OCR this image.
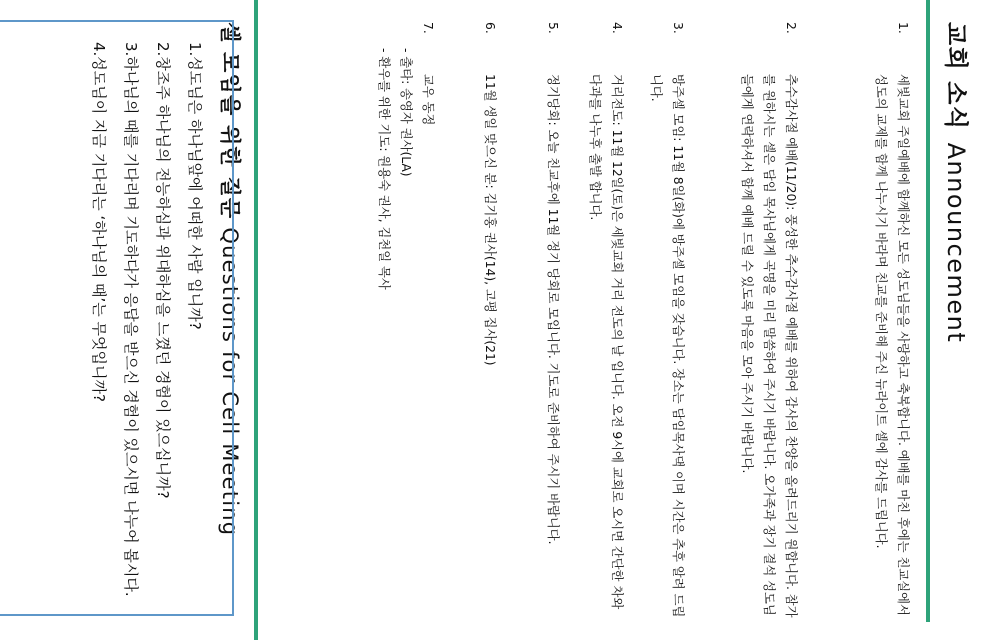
교회 소식Announcement
1.
세빛교회 주일예배에 함께하신 모든 성도님들을 사랑하고 축복합니다. 예배를 마친 후에는 친교실에서 성도의 교제를 함께 나누시기 바라며 친교를 준비해 주신 뉴라이트 셀에 감사를 드립니다.
2.
추수감사절 예배(11/20): 풍성한 추수감사절 예배를 위하여 감사의 찬양을 올려드리기 원합니다. 참가를 원하시는 셀은 담임 목사님에게 곡명을 미리 말씀하여 주시기 바랍니다. 오가족과 장기 결석 성도님들에게 연락하셔서 함께 예배 드릴 수 있도록 마음을 모아 주시기 바랍니다.
3.
방주셀 모임: 11월 8일(화)에 방주셀 모임을 갖습니다. 장소는 담임목사댁 이며 시간은 추후 알려 드립니다.
4.
거리전도: 11월 12일(토)은 세빛교회 거리 전도의 날 입니다. 오전 9시에 교회로 오시면 간단한 차와 다과를 나누후 출발 합니다.
5.
정기당회: 오늘 친교후에 11월 정기 당회로 모입니다. 기도로 준비하여 주시기 바랍니다.
6.
11월 생일 맞으신 분: 김기홍 권사(14), 고평 집사(21)
7.
교우 동정
- 출타: 송영자 권사(LA)
- 환우를 위한 기도: 원용숙 권사, 김천일 목사
셀 모임을 위한 질문Questions for Cell Meeting
1.성도님은 하나님앞에 어떠한 사람 입니까?
2.창조주 하나님의 전능하심과 위대하심을 느꼈던 경험이 있으십니까?
3.하나님의 때를 기다리며 기도하다가 응답을 받으신 경험이 있으시면 나누어 봅시다.
4.성도님이 지금 기다리는 ‘하나님의 때’는 무엇입니까?
